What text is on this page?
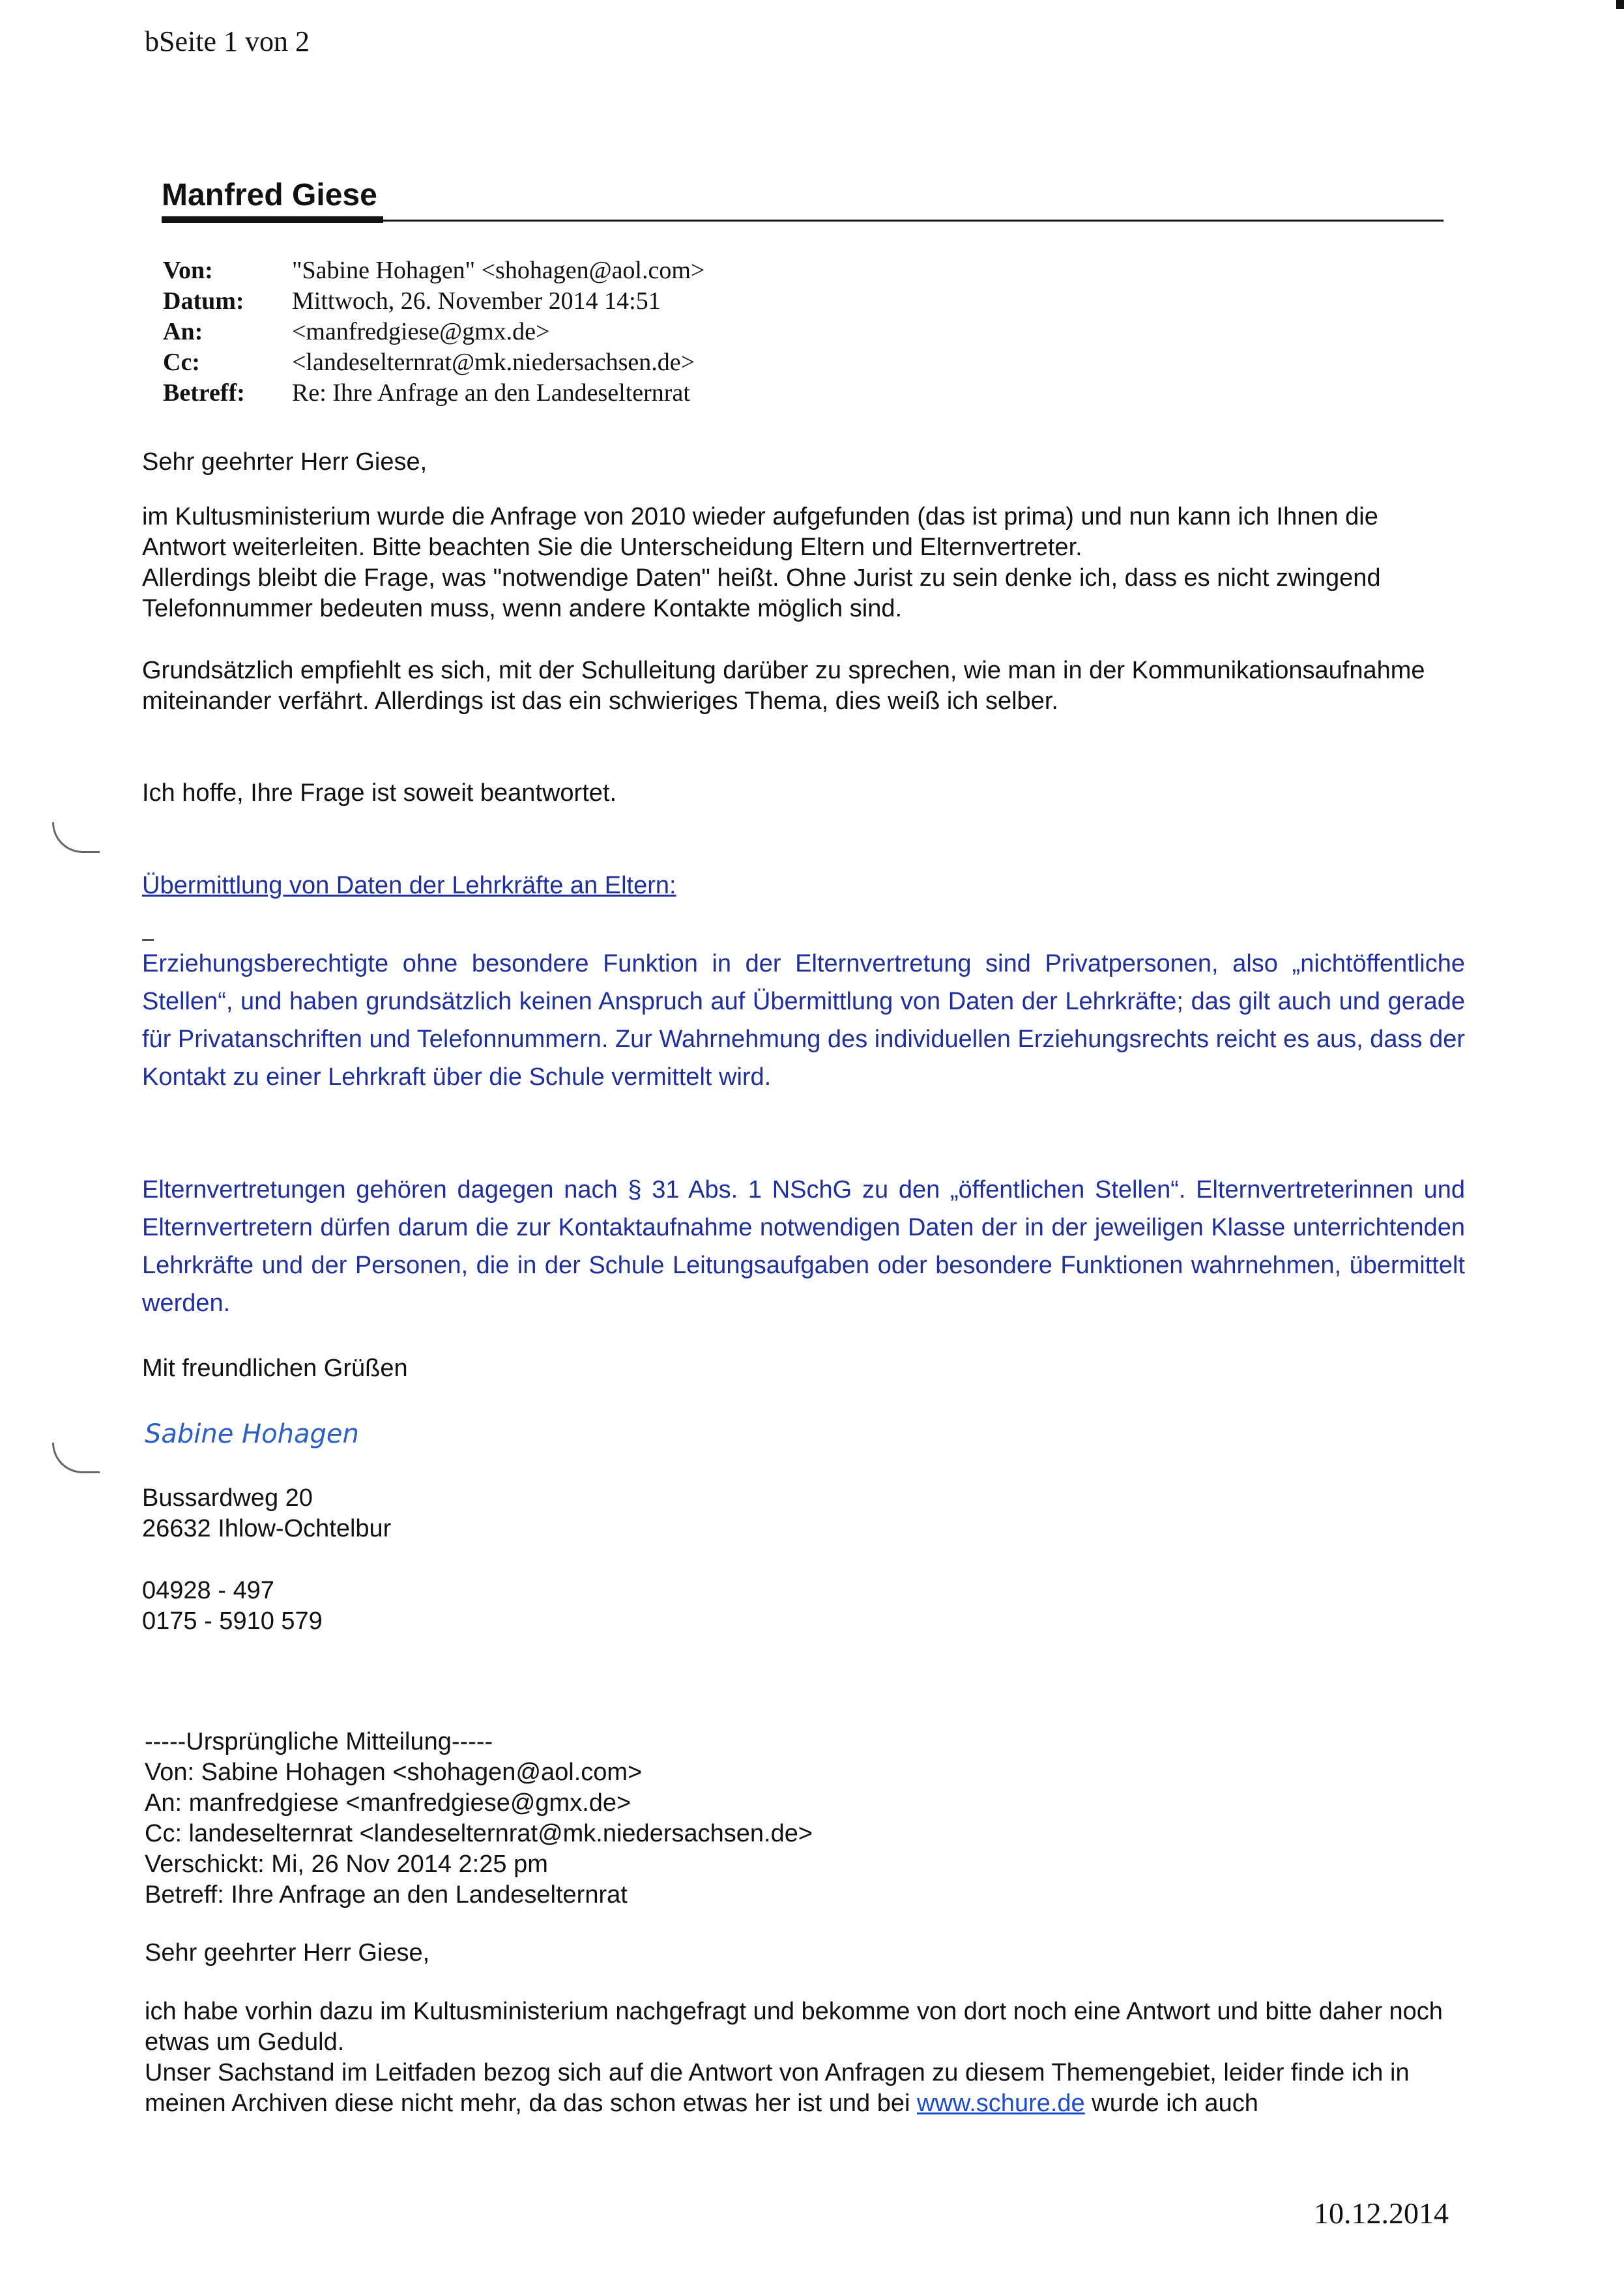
bSeite 1 von 2
Manfred Giese
Von:	"Sabine Hohagen" <shohagen@aol.com>
Datum:	Mittwoch, 26. November 2014 14:51
An:	<manfredgiese@gmx.de>
Cc:	<landeselternrat@mk.niedersachsen.de>
Betreff:	Re: Ihre Anfrage an den Landeselternrat

Sehr geehrter Herr Giese,

im Kultusministerium wurde die Anfrage von 2010 wieder aufgefunden (das ist prima) und nun kann ich Ihnen die Antwort weiterleiten. Bitte beachten Sie die Unterscheidung Eltern und Elternvertreter.

Allerdings bleibt die Frage, was "notwendige Daten" heißt. Ohne Jurist zu sein denke ich, dass es nicht zwingend Telefonnummer bedeuten muss, wenn andere Kontakte möglich sind.

Grundsätzlich empfiehlt es sich, mit der Schulleitung darüber zu sprechen, wie man in der Kommunikationsaufnahme miteinander verfährt. Allerdings ist das ein schwieriges Thema, dies weiß ich selber.

Ich hoffe, Ihre Frage ist soweit beantwortet.

Übermittlung von Daten der Lehrkräfte an Eltern:

Erziehungsberechtigte ohne besondere Funktion in der Elternvertretung sind Privatpersonen, also „nichtöffentliche Stellen“, und haben grundsätzlich keinen Anspruch auf Übermittlung von Daten der Lehrkräfte; das gilt auch und gerade für Privatanschriften und Telefonnummern. Zur Wahrnehmung des individuellen Erziehungsrechts reicht es aus, dass der Kontakt zu einer Lehrkraft über die Schule vermittelt wird.

Elternvertretungen gehören dagegen nach § 31 Abs. 1 NSchG zu den „öffentlichen Stellen“. Elternvertreterinnen und Elternvertretern dürfen darum die zur Kontaktaufnahme notwendigen Daten der in der jeweiligen Klasse unterrichtenden Lehrkräfte und der Personen, die in der Schule Leitungsaufgaben oder besondere Funktionen wahrnehmen, übermittelt werden.

Mit freundlichen Grüßen

Sabine Hohagen

Bussardweg 20

26632 Ihlow-Ochtelbur

04928 - 497

0175 - 5910 579

-----Ursprüngliche Mitteilung-----

Von: Sabine Hohagen <shohagen@aol.com>

An: manfredgiese <manfredgiese@gmx.de>

Cc: landeselternrat <landeselternrat@mk.niedersachsen.de>

Verschickt: Mi, 26 Nov 2014 2:25 pm

Betreff: Ihre Anfrage an den Landeselternrat

Sehr geehrter Herr Giese,

ich habe vorhin dazu im Kultusministerium nachgefragt und bekomme von dort noch eine Antwort und bitte daher noch etwas um Geduld.

Unser Sachstand im Leitfaden bezog sich auf die Antwort von Anfragen zu diesem Themengebiet, leider finde ich in meinen Archiven diese nicht mehr, da das schon etwas her ist und bei www.schure.de wurde ich auch

10.12.2014
